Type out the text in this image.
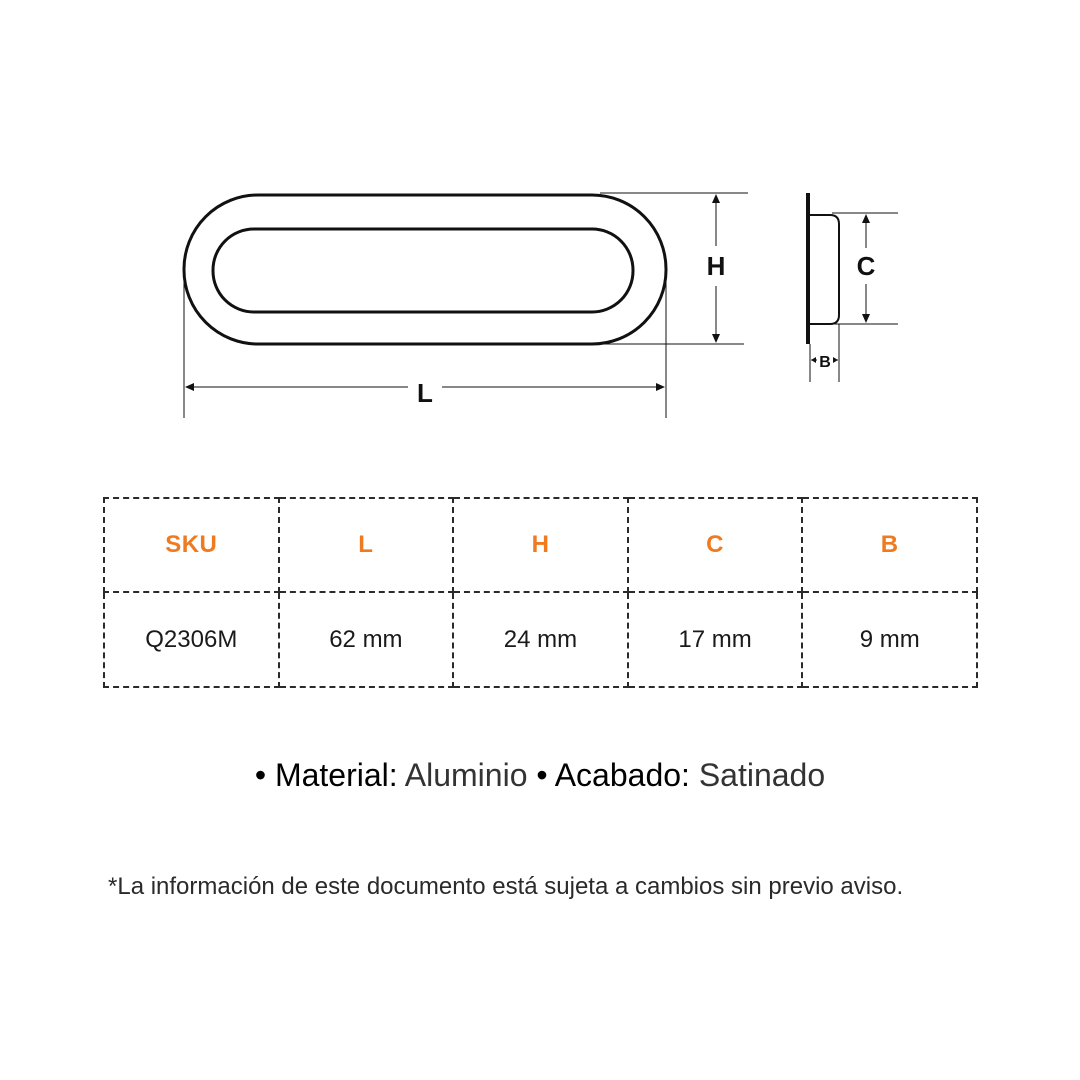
H
L
C
B
SKU	L	H	C	B
Q2306M	62 mm	24 mm	17 mm	9 mm
• Material: Aluminio • Acabado: Satinado
*La información de este documento está sujeta a cambios sin previo aviso.
